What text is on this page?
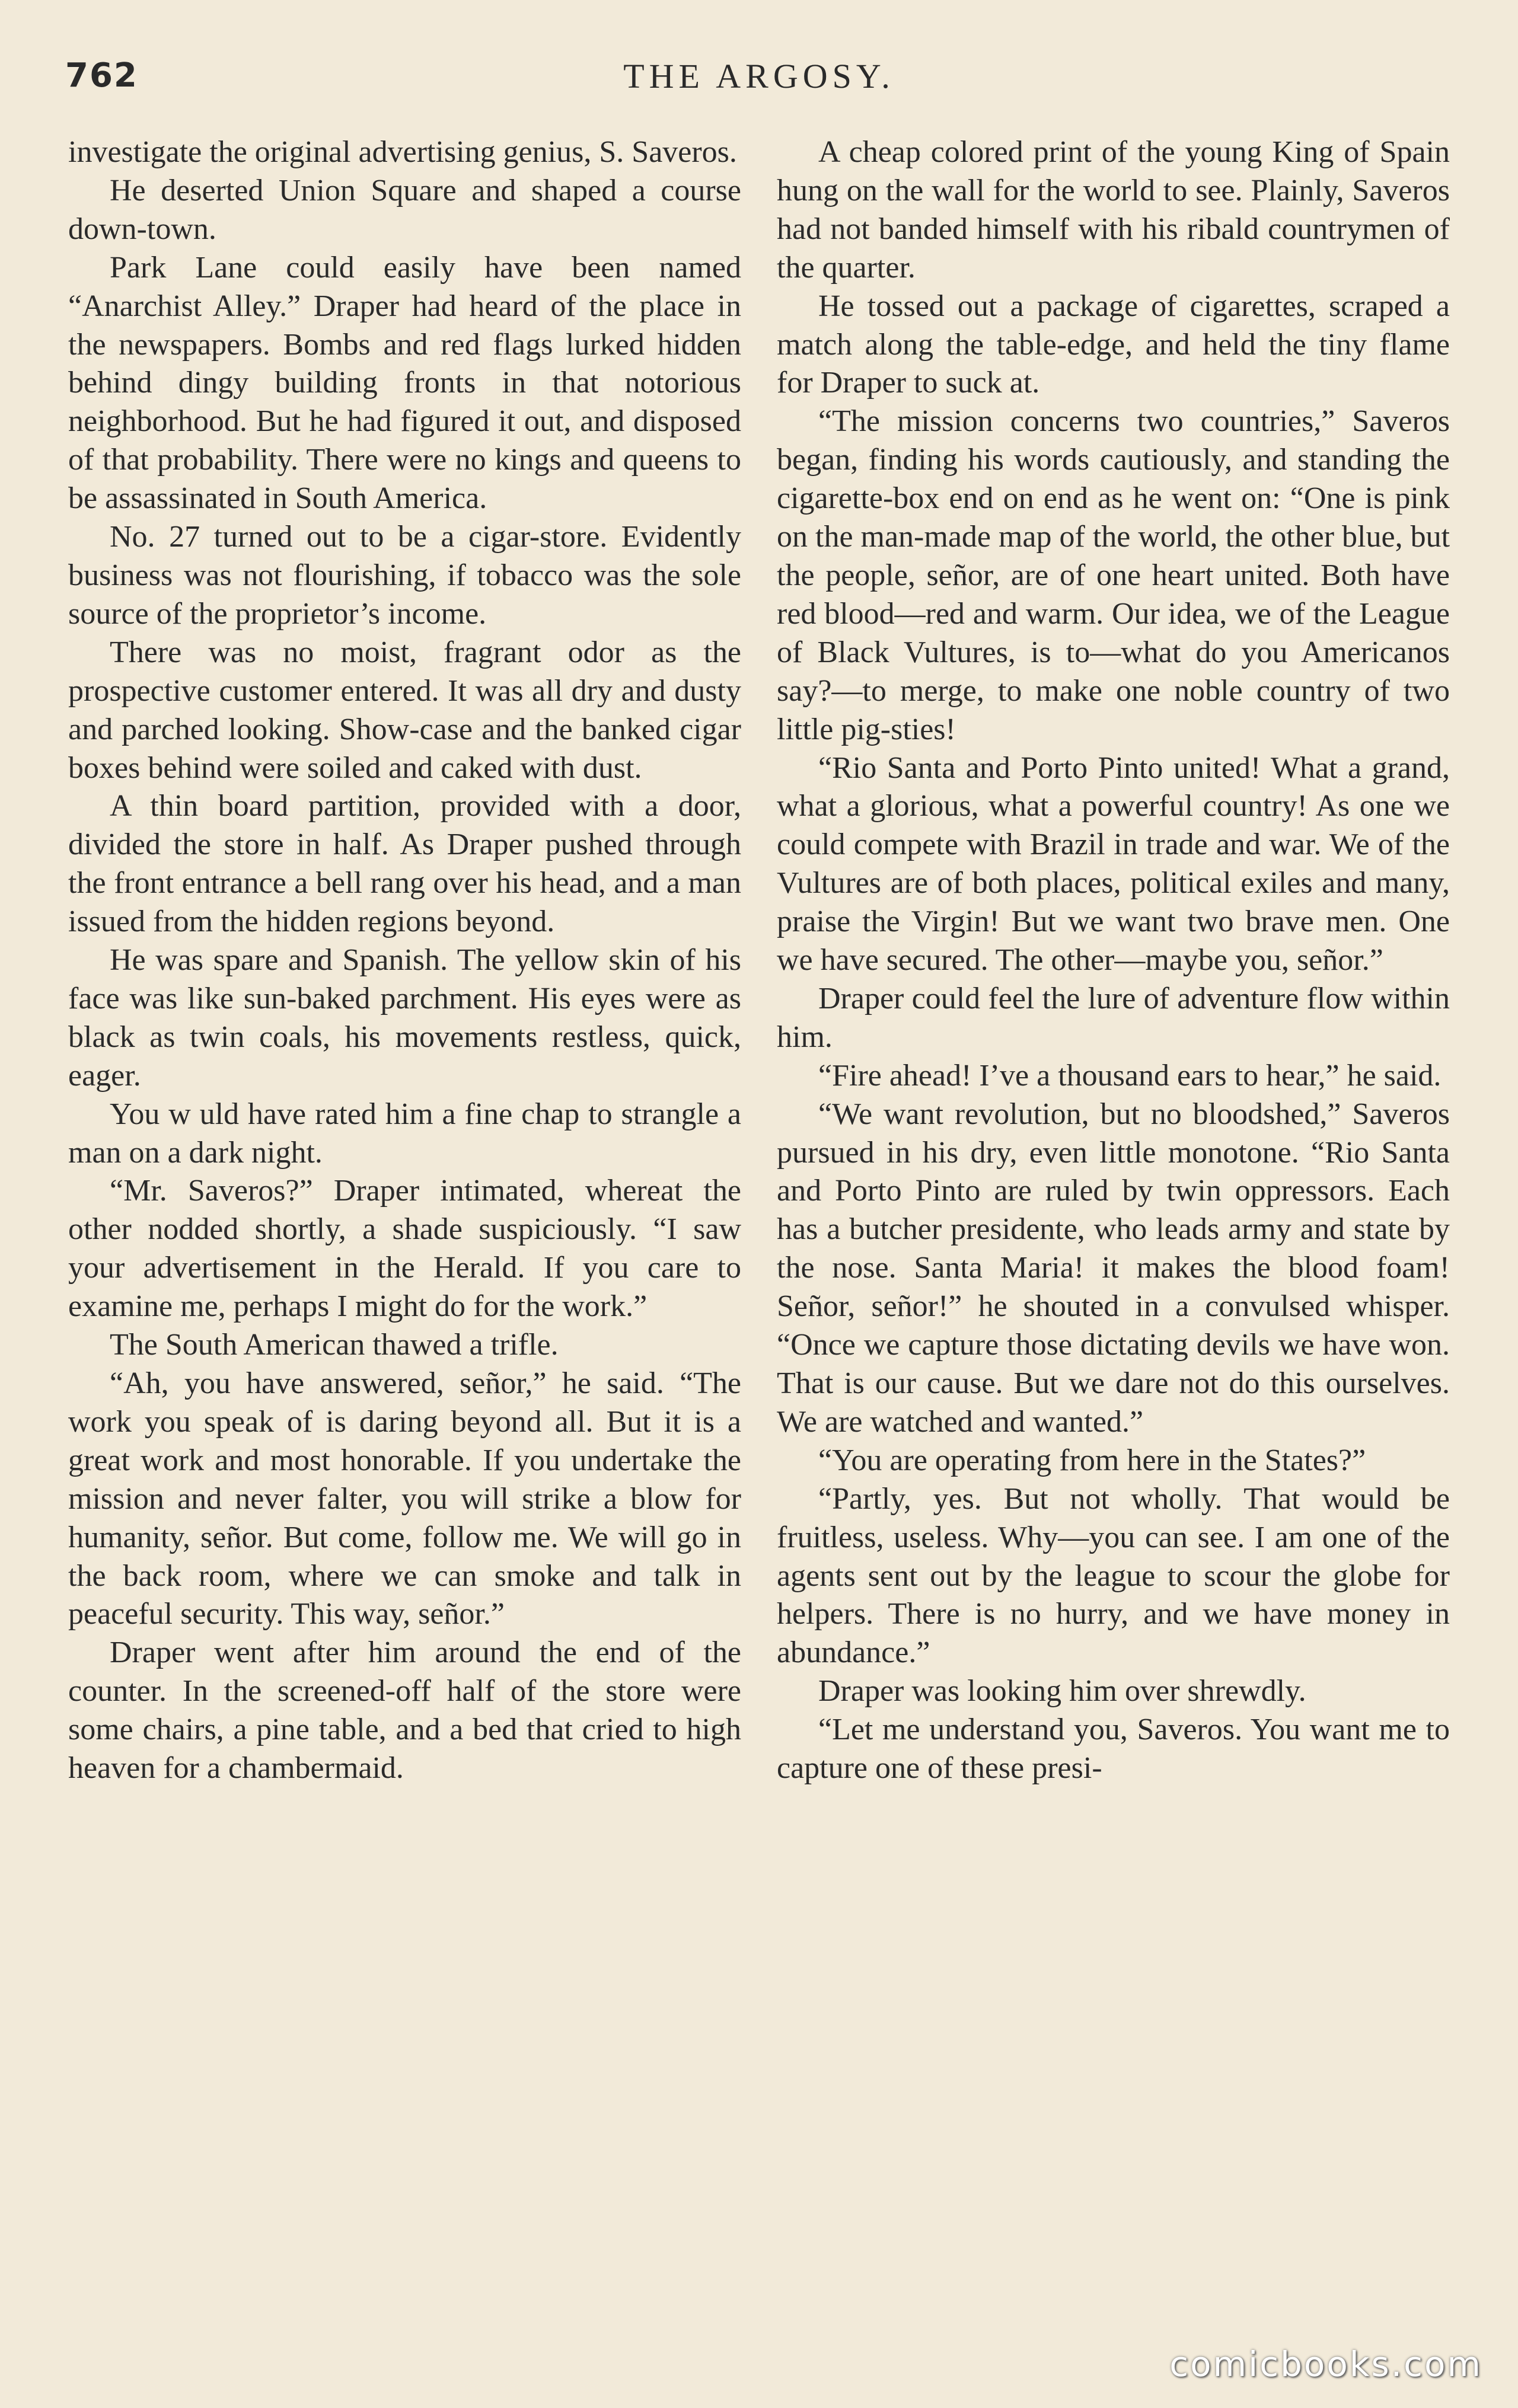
762	THE ARGOSY.

investigate the original advertising genius, S. Saveros.

He deserted Union Square and shaped a course down-town.

Park Lane could easily have been named “Anarchist Alley.” Draper had heard of the place in the newspapers. Bombs and red flags lurked hidden behind dingy building fronts in that notorious neighborhood. But he had figured it out, and disposed of that probability. There were no kings and queens to be assassinated in South America.

No. 27 turned out to be a cigar-store. Evidently business was not flourishing, if tobacco was the sole source of the proprietor’s income.

There was no moist, fragrant odor as the prospective customer entered. It was all dry and dusty and parched looking. Show-case and the banked cigar boxes behind were soiled and caked with dust.

A thin board partition, provided with a door, divided the store in half. As Draper pushed through the front entrance a bell rang over his head, and a man issued from the hidden regions beyond.

He was spare and Spanish. The yellow skin of his face was like sun-baked parchment. His eyes were as black as twin coals, his movements restless, quick, eager.

You w uld have rated him a fine chap to strangle a man on a dark night.

“Mr. Saveros?” Draper intimated, whereat the other nodded shortly, a shade suspiciously. “I saw your advertisement in the Herald. If you care to examine me, perhaps I might do for the work.”

The South American thawed a trifle.

“Ah, you have answered, señor,” he said. “The work you speak of is daring beyond all. But it is a great work and most honorable. If you undertake the mission and never falter, you will strike a blow for humanity, señor. But come, follow me. We will go in the back room, where we can smoke and talk in peaceful security. This way, señor.”

Draper went after him around the end of the counter. In the screened-off half of the store were some chairs, a pine table, and a bed that cried to high heaven for a chambermaid.

A cheap colored print of the young King of Spain hung on the wall for the world to see. Plainly, Saveros had not banded himself with his ribald countrymen of the quarter.

He tossed out a package of cigarettes, scraped a match along the table-edge, and held the tiny flame for Draper to suck at.

“The mission concerns two countries,” Saveros began, finding his words cautiously, and standing the cigarette-box end on end as he went on: “One is pink on the man-made map of the world, the other blue, but the people, señor, are of one heart united. Both have red blood—red and warm. Our idea, we of the League of Black Vultures, is to—what do you Americanos say?—to merge, to make one noble country of two little pig-sties!

“Rio Santa and Porto Pinto united! What a grand, what a glorious, what a powerful country! As one we could compete with Brazil in trade and war. We of the Vultures are of both places, political exiles and many, praise the Virgin! But we want two brave men. One we have secured. The other—maybe you, señor.”

Draper could feel the lure of adventure flow within him.

“Fire ahead! I’ve a thousand ears to hear,” he said.

“We want revolution, but no bloodshed,” Saveros pursued in his dry, even little monotone. “Rio Santa and Porto Pinto are ruled by twin oppressors. Each has a butcher presidente, who leads army and state by the nose. Santa Maria! it makes the blood foam! Señor, señor!” he shouted in a convulsed whisper. “Once we capture those dictating devils we have won. That is our cause. But we dare not do this ourselves. We are watched and wanted.”

“You are operating from here in the States?”

“Partly, yes. But not wholly. That would be fruitless, useless. Why—you can see. I am one of the agents sent out by the league to scour the globe for helpers. There is no hurry, and we have money in abundance.”

Draper was looking him over shrewdly.

“Let me understand you, Saveros. You want me to capture one of these presi-

comicbooks.com
